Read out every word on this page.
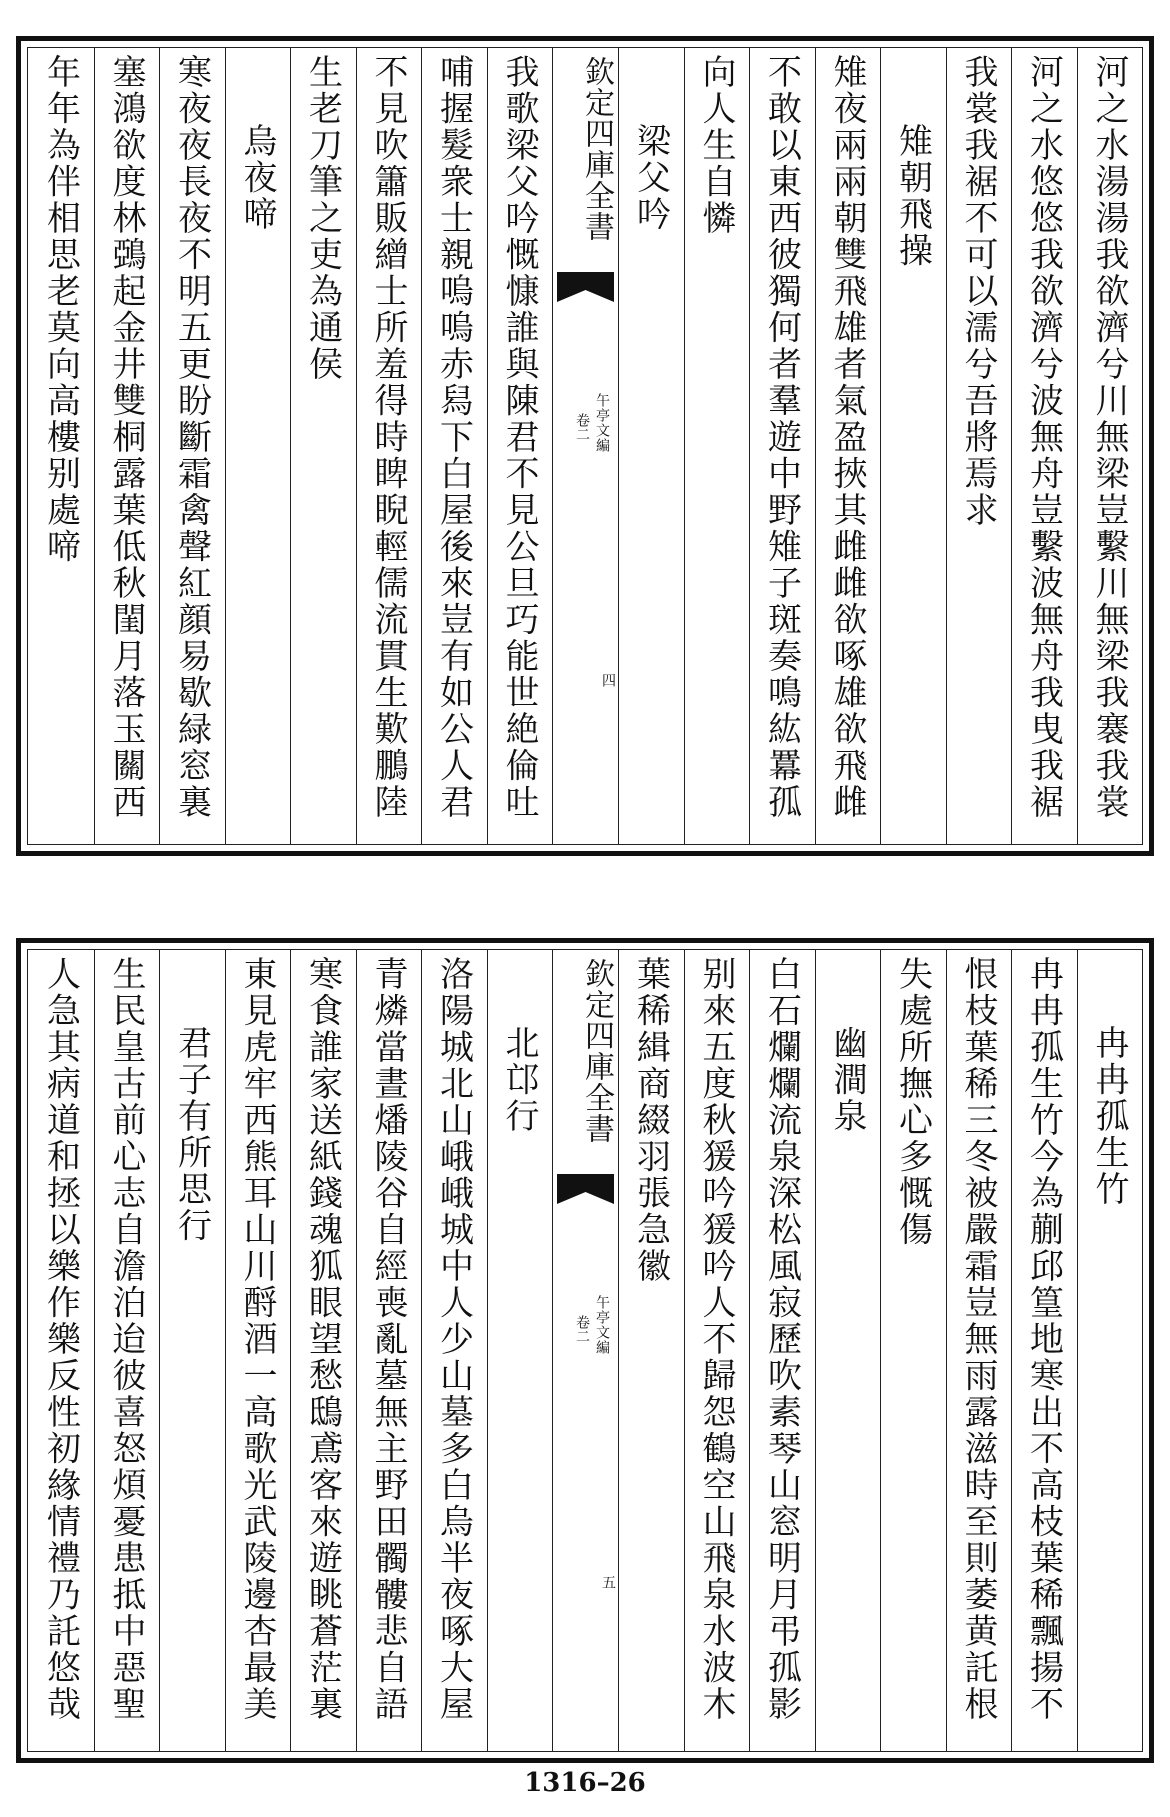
河之水湯湯我欲濟兮川無梁豈繫川無梁我褰我裳
河之水悠悠我欲濟兮波無舟豈繫波無舟我曳我裾
我裳我裾不可以濡兮吾將焉求
雉朝飛操
雉夜兩兩朝雙飛雄者氣盈挾其雌雌欲啄雄欲飛雌
不敢以東西彼獨何者羣遊中野雉子斑奏鳴紘羃孤
向人生自憐
梁父吟
欽定四庫全書
午亭文編
卷二
四
我歌梁父吟慨慷誰與陳君不見公旦巧能世絶倫吐
哺握髮衆士親嗚嗚赤舄下白屋後來豈有如公人君
不見吹簫販繒士所羞得時睥睨輕儒流貫生歎鵬陸
生老刀筆之吏為通侯
烏夜啼
寒夜夜長夜不明五更盼斷霜禽聲紅顔易歇緑窓裏
塞鴻欲度林鵶起金井雙桐露葉低秋閨月落玉關西
年年為伴相思老莫向高樓别處啼
冉冉孤生竹
冉冉孤生竹今為蒯邱篁地寒出不高枝葉稀飄揚不
恨枝葉稀三冬被嚴霜豈無雨露滋時至則萎黄託根
失處所撫心多慨傷
幽澗泉
白石爛爛流泉深松風寂歷吹素琴山窓明月弔孤影
别來五度秋猨吟猨吟人不歸怨鶴空山飛泉水波木
葉稀緝商綴羽張急徽
欽定四庫全書
午亭文編
卷二
五
北邙行
洛陽城北山峨峨城中人少山墓多白烏半夜啄大屋
青燐當晝燔陵谷自經喪亂墓無主野田髑髏悲自語
寒食誰家送紙錢魂狐眼望愁鴟鳶客來遊眺蒼茫裏
東見虎牢西熊耳山川酹酒一高歌光武陵邊杏最美
君子有所思行
生民皇古前心志自澹泊迨彼喜怒煩憂患抵中惡聖
人急其病道和拯以樂作樂反性初緣情禮乃託悠哉
1316–26
